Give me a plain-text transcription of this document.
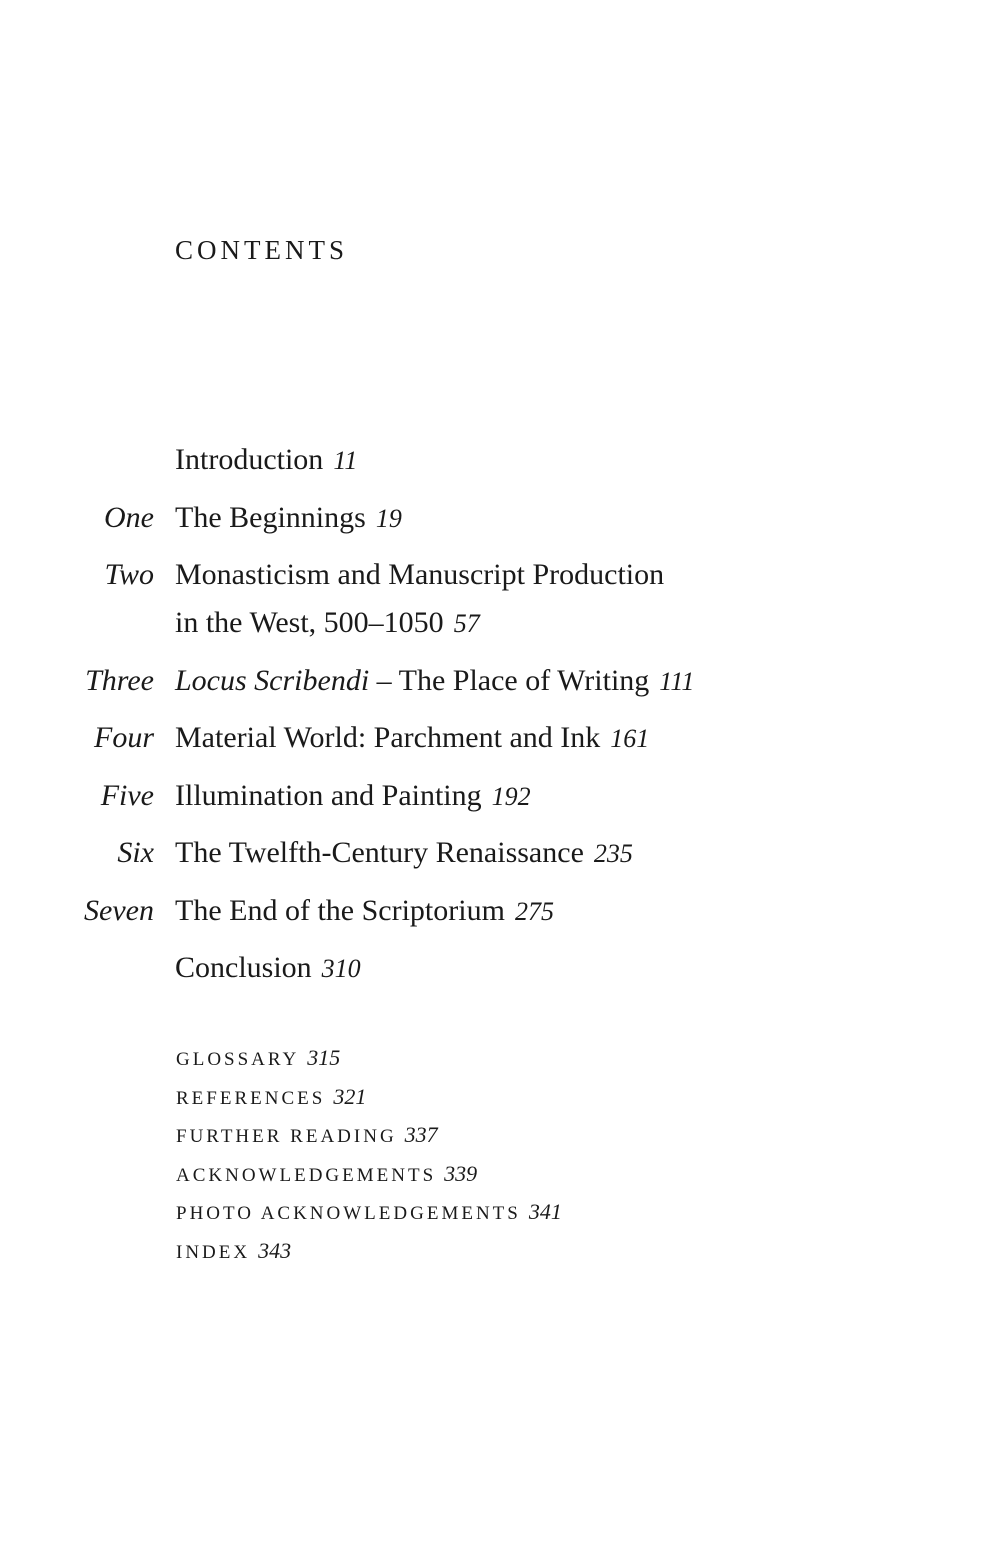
CONTENTS
Introduction 11
One The Beginnings 19
Two Monasticism and Manuscript Production
in the West, 500–1050 57
Three Locus Scribendi – The Place of Writing 111
Four Material World: Parchment and Ink 161
Five Illumination and Painting 192
Six The Twelfth-Century Renaissance 235
Seven The End of the Scriptorium 275
Conclusion 310
GLOSSARY 315
REFERENCES 321
FURTHER READING 337
ACKNOWLEDGEMENTS 339
PHOTO ACKNOWLEDGEMENTS 341
INDEX 343
